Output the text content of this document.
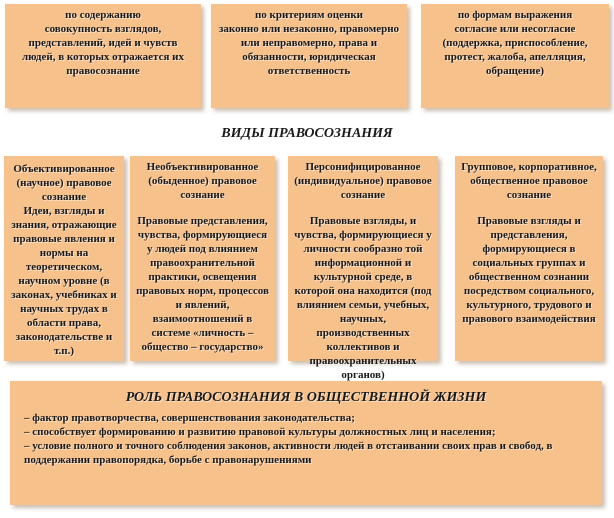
по содержанию
совокупность взглядов, представлений, идей и чувств людей, в которых отражается их правосознание
по критериям оценки
законно или незаконно, правомерно или неправомерно, права и обязанности, юридическая ответственность
по формам выражения
согласие или несогласие (поддержка, приспособление, протест, жалоба, апелляция, обращение)
ВИДЫ ПРАВОСОЗНАНИЯ
Объективированное (научное) правовое сознание
Идеи, взгляды и знания, отражающие правовые явления и нормы на теоретическом, научном уровне (в законах, учебниках и научных трудах в области права, законодательстве и т.п.)
Необъективированное (обыденное) правовое сознание
Правовые представления, чувства, формирующиеся у людей под влиянием правоохранительной практики, освещения правовых норм, процессов и явлений, взаимоотношений в системе «личность – общество – государство»
Персонифицированное (индивидуальное) правовое сознание
Правовые взгляды, и чувства, формирующиеся у личности сообразно той информационной и культурной среде, в которой она находится (под влиянием семьи, учебных, научных, производственных коллективов и правоохранительных органов)
Групповое, корпоративное, общественное правовое сознание
Правовые взгляды и представления, формирующиеся в социальных группах и общественном сознании посредством социального, культурного, трудового и правового взаимодействия
РОЛЬ ПРАВОСОЗНАНИЯ В ОБЩЕСТВЕННОЙ ЖИЗНИ
– фактор правотворчества, совершенствования законодательства;
– способствует формированию и развитию правовой культуры должностных лиц и населения;
– условие полного и точного соблюдения законов, активности людей в отстаивании своих прав и свобод, в поддержании правопорядка, борьбе с правонарушениями
